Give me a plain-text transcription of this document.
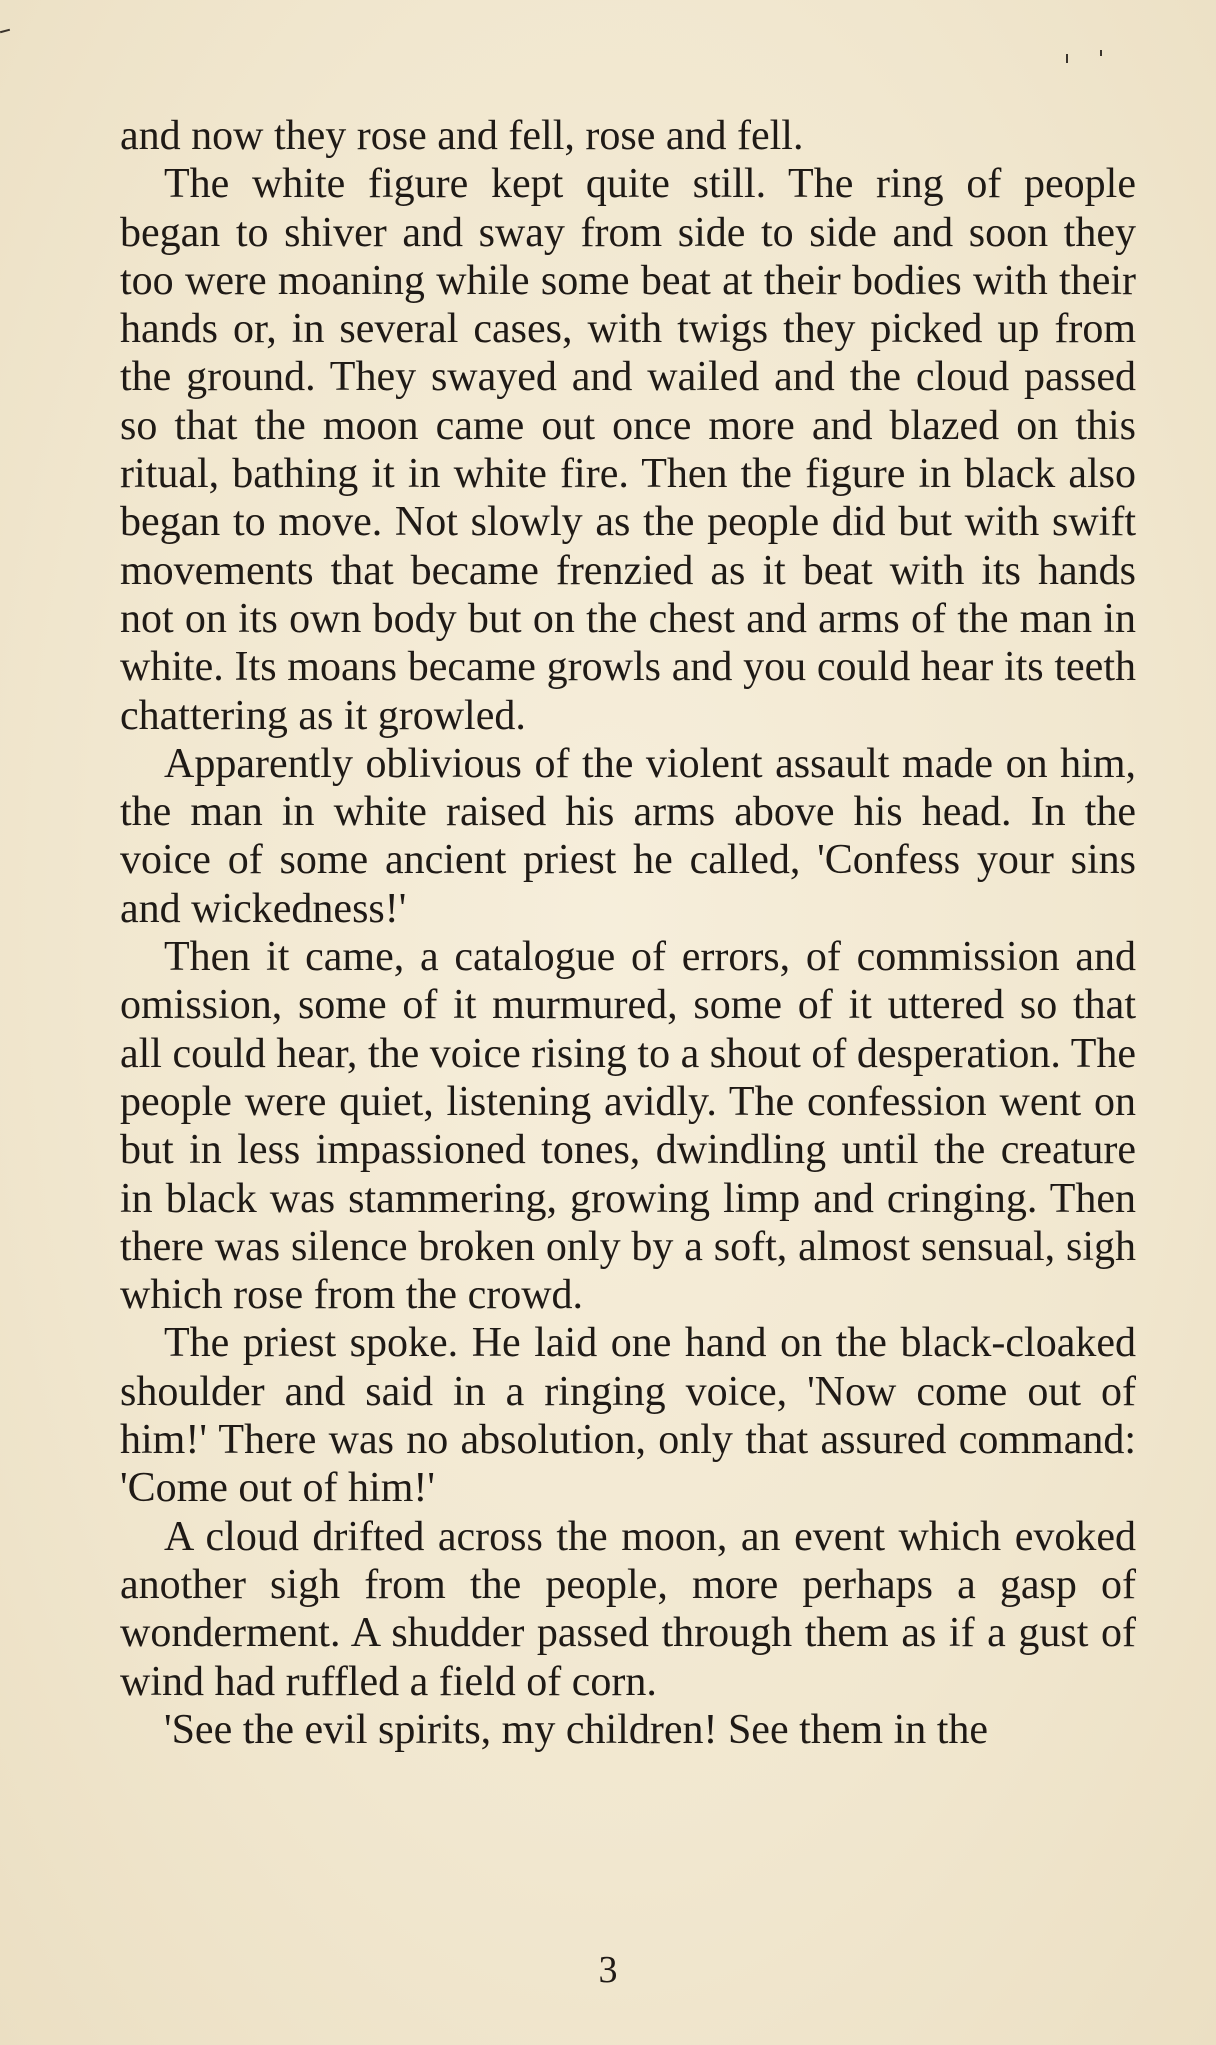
and now they rose and fell, rose and fell.

The white figure kept quite still. The ring of people began to shiver and sway from side to side and soon they too were moaning while some beat at their bodies with their hands or, in several cases, with twigs they picked up from the ground. They swayed and wailed and the cloud passed so that the moon came out once more and blazed on this ritual, bathing it in white fire. Then the figure in black also began to move. Not slowly as the people did but with swift movements that became frenzied as it beat with its hands not on its own body but on the chest and arms of the man in white. Its moans became growls and you could hear its teeth chattering as it growled.

Apparently oblivious of the violent assault made on him, the man in white raised his arms above his head. In the voice of some ancient priest he called, 'Confess your sins and wickedness!'

Then it came, a catalogue of errors, of commission and omission, some of it murmured, some of it uttered so that all could hear, the voice rising to a shout of desperation. The people were quiet, listening avidly. The confession went on but in less impassioned tones, dwindling until the creature in black was stammering, growing limp and cringing. Then there was silence broken only by a soft, almost sensual, sigh which rose from the crowd.

The priest spoke. He laid one hand on the black-cloaked shoulder and said in a ringing voice, 'Now come out of him!' There was no absolution, only that assured command: 'Come out of him!'

A cloud drifted across the moon, an event which evoked another sigh from the people, more perhaps a gasp of wonderment. A shudder passed through them as if a gust of wind had ruffled a field of corn.

'See the evil spirits, my children! See them in the

3
